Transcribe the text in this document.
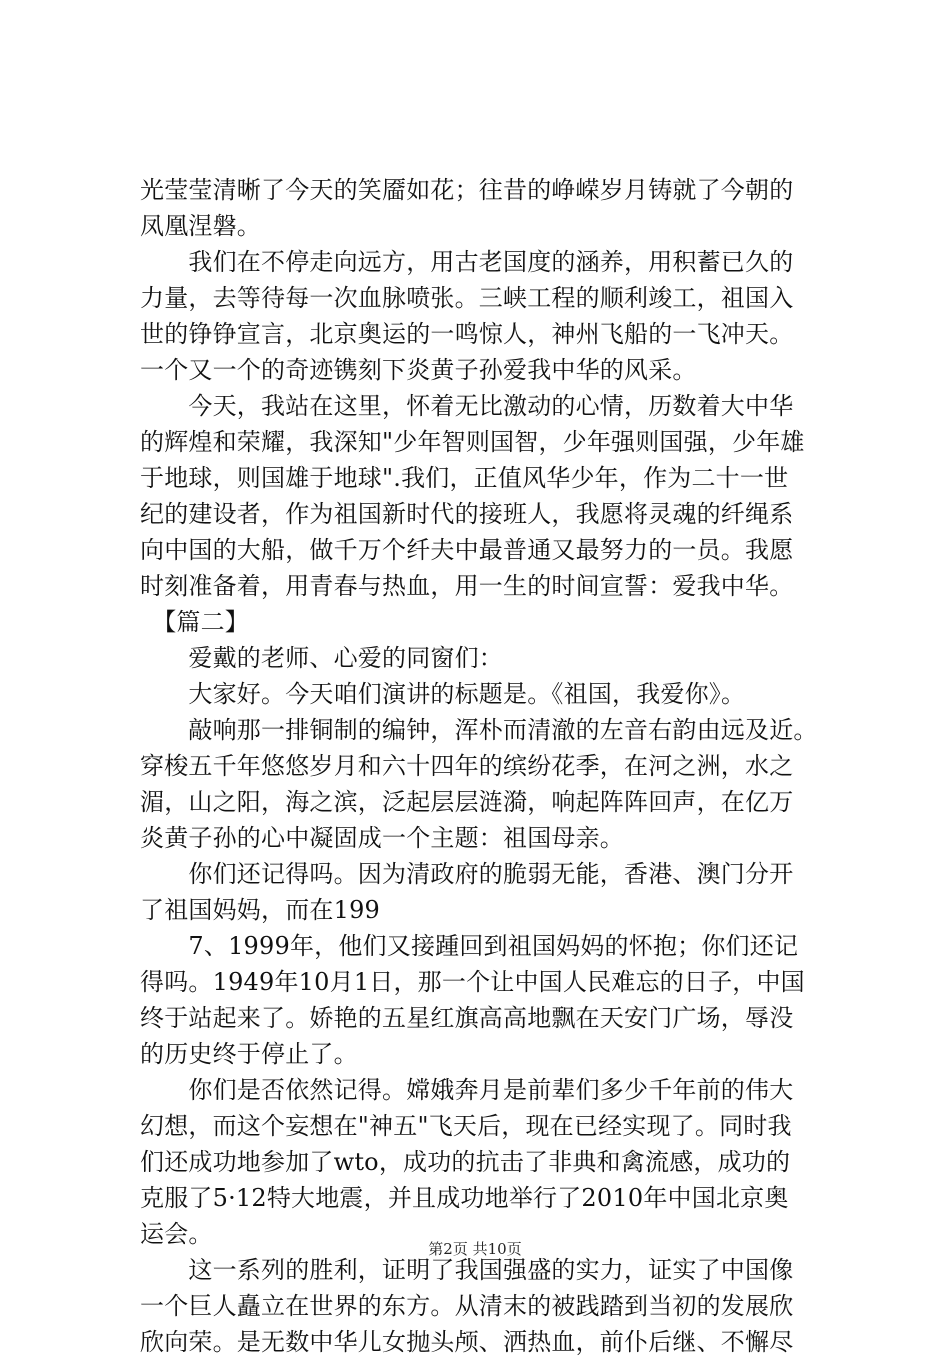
光莹莹清晰了今天的笑靥如花；往昔的峥嵘岁月铸就了今朝的
凤凰涅磐。
　　我们在不停走向远方，用古老国度的涵养，用积蓄已久的
力量，去等待每一次血脉喷张。三峡工程的顺利竣工，祖国入
世的铮铮宣言，北京奥运的一鸣惊人，神州飞船的一飞冲天。
一个又一个的奇迹镌刻下炎黄子孙爱我中华的风采。
　　今天，我站在这里，怀着无比激动的心情，历数着大中华
的辉煌和荣耀，我深知"少年智则国智，少年强则国强，少年雄
于地球，则国雄于地球".我们，正值风华少年，作为二十一世
纪的建设者，作为祖国新时代的接班人，我愿将灵魂的纤绳系
向中国的大船，做千万个纤夫中最普通又最努力的一员。我愿
时刻准备着，用青春与热血，用一生的时间宣誓：爱我中华。
　【篇二】
　　爱戴的老师、心爱的同窗们：
　　大家好。今天咱们演讲的标题是。《祖国，我爱你》。
　　敲响那一排铜制的编钟，浑朴而清澈的左音右韵由远及近。
穿梭五千年悠悠岁月和六十四年的缤纷花季，在河之洲，水之
湄，山之阳，海之滨，泛起层层涟漪，响起阵阵回声，在亿万
炎黄子孙的心中凝固成一个主题：祖国母亲。
　　你们还记得吗。因为清政府的脆弱无能，香港、澳门分开
了祖国妈妈，而在199
　　7、1999年，他们又接踵回到祖国妈妈的怀抱；你们还记
得吗。1949年10月1日，那一个让中国人民难忘的日子，中国
终于站起来了。娇艳的五星红旗高高地飘在天安门广场，辱没
的历史终于停止了。
　　你们是否依然记得。嫦娥奔月是前辈们多少千年前的伟大
幻想，而这个妄想在"神五"飞天后，现在已经实现了。同时我
们还成功地参加了wto，成功的抗击了非典和禽流感，成功的
克服了5·12特大地震，并且成功地举行了2010年中国北京奥
运会。
　　这一系列的胜利，证明了我国强盛的实力，证实了中国像
一个巨人矗立在世界的东方。从清末的被践踏到当初的发展欣
欣向荣。是无数中华儿女抛头颅、洒热血，前仆后继、不懈尽
第2页 共10页
